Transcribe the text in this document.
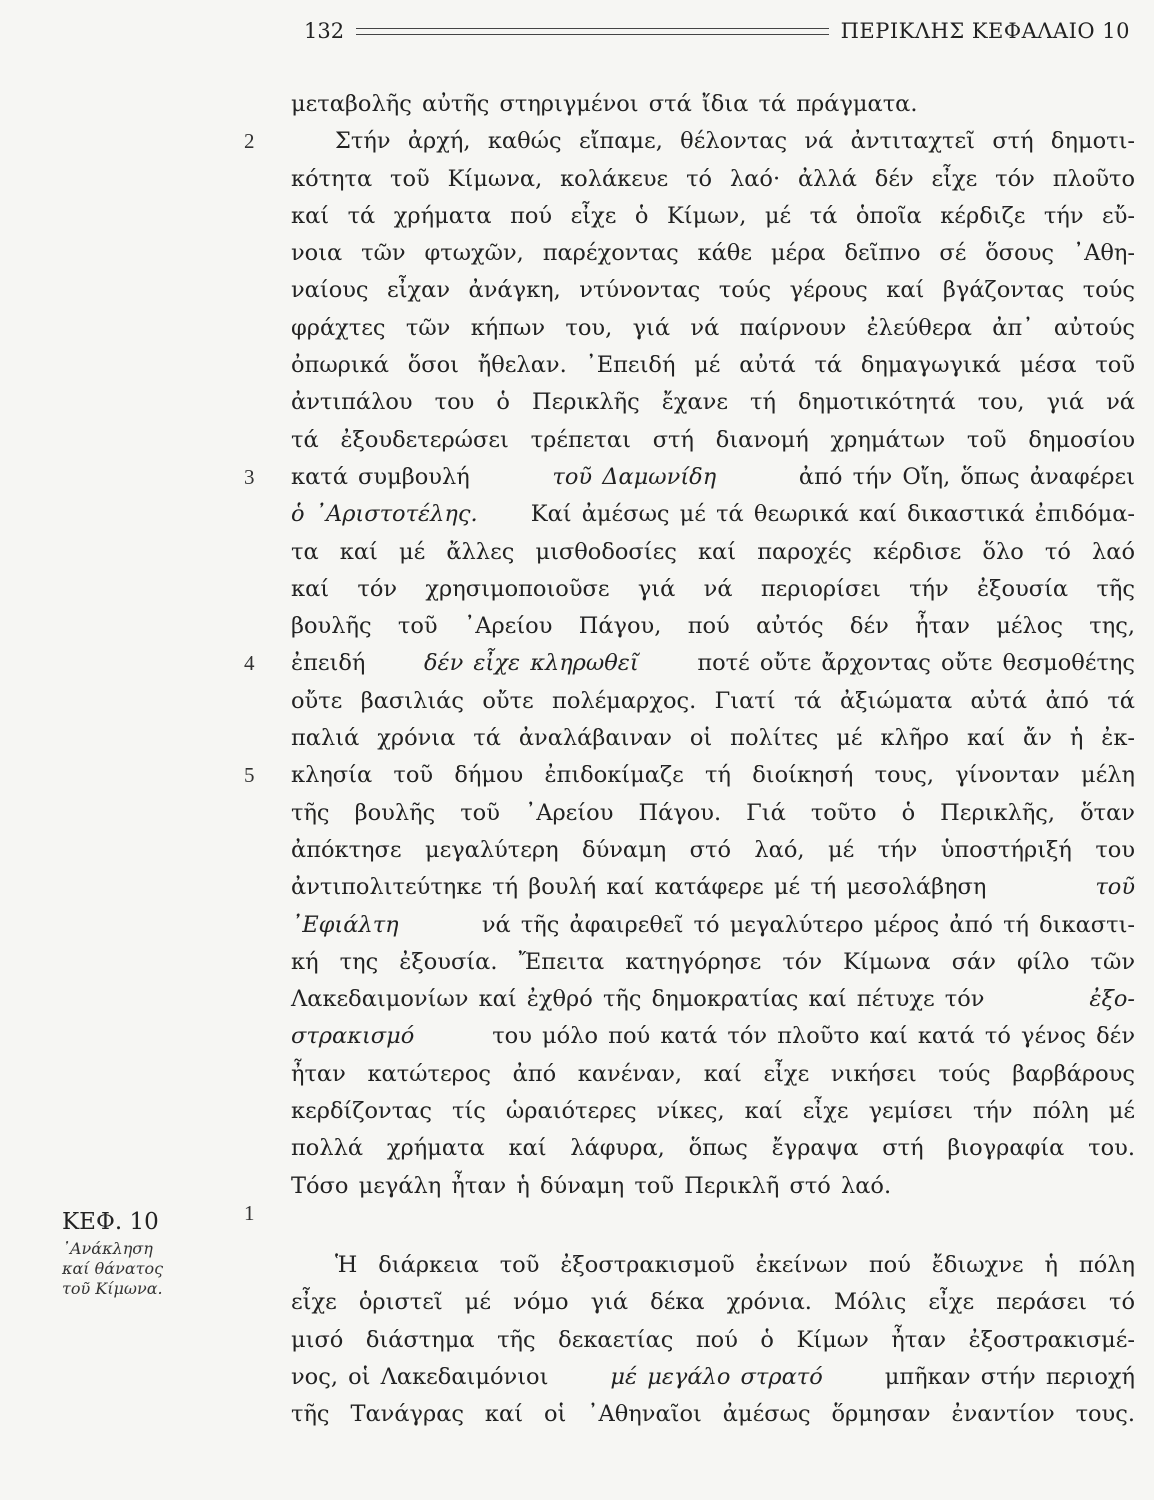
132	ΠΕΡΙΚΛΗΣ ΚΕΦΑΛΑΙΟ 10
2
3
4
5
1
ΚΕΦ. 10
᾿Ανάκληση
καί θάνατος
τοῦ Κίμωνα.
μεταβολῆς αὐτῆς στηριγμένοι στά ἴδια τά πράγματα.
Στήν ἀρχή, καθώς εἴπαμε, θέλοντας νά ἀντιταχτεῖ στή δημοτι-
κότητα τοῦ Κίμωνα, κολάκευε τό λαό· ἀλλά δέν εἶχε τόν πλοῦτο
καί τά χρήματα πού εἶχε ὁ Κίμων, μέ τά ὁποῖα κέρδιζε τήν εὔ-
νοια τῶν φτωχῶν, παρέχοντας κάθε μέρα δεῖπνο σέ ὅσους ᾿Αθη-
ναίους εἶχαν ἀνάγκη, ντύνοντας τούς γέρους καί βγάζοντας τούς
φράχτες τῶν κήπων του, γιά νά παίρνουν ἐλεύθερα ἀπ᾿ αὐτούς
ὀπωρικά ὅσοι ἤθελαν. ᾿Επειδή μέ αὐτά τά δημαγωγικά μέσα τοῦ
ἀντιπάλου του ὁ Περικλῆς ἔχανε τή δημοτικότητά του, γιά νά
τά ἐξουδετερώσει τρέπεται στή διανομή χρημάτων τοῦ δημοσίου
κατά συμβουλή	τοῦ Δαμωνίδη	ἀπό τήν Οἴη, ὅπως ἀναφέρει
ὁ ᾿Αριστοτέλης. Καί ἀμέσως μέ τά θεωρικά καί δικαστικά ἐπιδόμα-
τα καί μέ ἄλλες μισθοδοσίες καί παροχές κέρδισε ὅλο τό λαό
καί τόν χρησιμοποιοῦσε γιά νά περιορίσει τήν ἐξουσία τῆς
βουλῆς τοῦ ᾿Αρείου Πάγου, πού αὐτός δέν ἦταν μέλος της,
ἐπειδή	δέν εἶχε κληρωθεῖ	ποτέ οὔτε ἄρχοντας οὔτε θεσμοθέτης
οὔτε βασιλιάς οὔτε πολέμαρχος. Γιατί τά ἀξιώματα αὐτά ἀπό τά
παλιά χρόνια τά ἀναλάβαιναν οἱ πολίτες μέ κλῆρο καί ἄν ἡ ἐκ-
κλησία τοῦ δήμου ἐπιδοκίμαζε τή διοίκησή τους, γίνονταν μέλη
τῆς βουλῆς τοῦ ᾿Αρείου Πάγου. Γιά τοῦτο ὁ Περικλῆς, ὅταν
ἀπόκτησε μεγαλύτερη δύναμη στό λαό, μέ τήν ὑποστήριξή του
ἀντιπολιτεύτηκε τή βουλή καί κατάφερε μέ τή μεσολάβηση	τοῦ
᾿Εφιάλτη	νά τῆς ἀφαιρεθεῖ τό μεγαλύτερο μέρος ἀπό τή δικαστι-
κή της ἐξουσία. Ἔπειτα κατηγόρησε τόν Κίμωνα σάν φίλο τῶν
Λακεδαιμονίων καί ἐχθρό τῆς δημοκρατίας καί πέτυχε τόν	ἐξο-
στρακισμό	του μόλο πού κατά τόν πλοῦτο καί κατά τό γένος δέν
ἦταν κατώτερος ἀπό κανέναν, καί εἶχε νικήσει τούς βαρβάρους
κερδίζοντας τίς ὡραιότερες νίκες, καί εἶχε γεμίσει τήν πόλη μέ
πολλά χρήματα καί λάφυρα, ὅπως ἔγραψα στή βιογραφία του.
Τόσο μεγάλη ἦταν ἡ δύναμη τοῦ Περικλῆ στό λαό.
Ἡ διάρκεια τοῦ ἐξοστρακισμοῦ ἐκείνων πού ἔδιωχνε ἡ πόλη
εἶχε ὁριστεῖ μέ νόμο γιά δέκα χρόνια. Μόλις εἶχε περάσει τό
μισό διάστημα τῆς δεκαετίας πού ὁ Κίμων ἦταν ἐξοστρακισμέ-
νος, οἱ Λακεδαιμόνιοι	μέ μεγάλο στρατό	μπῆκαν στήν περιοχή
τῆς Τανάγρας καί οἱ ᾿Αθηναῖοι ἀμέσως ὅρμησαν ἐναντίον τους.
